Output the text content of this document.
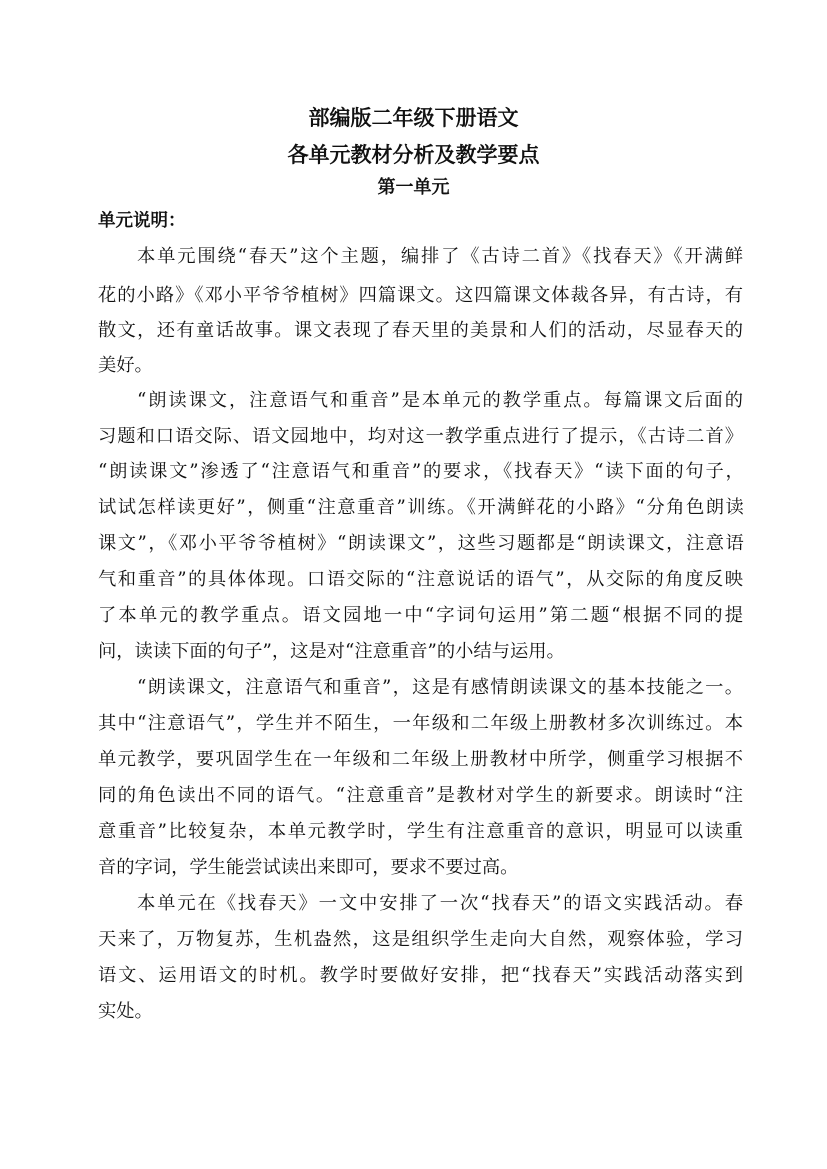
部编版二年级下册语文
各单元教材分析及教学要点
第一单元
单元说明：
本单元围绕“春天”这个主题，编排了《古诗二首》《找春天》《开满鲜
花的小路》《邓小平爷爷植树》四篇课文。这四篇课文体裁各异，有古诗，有
散文，还有童话故事。课文表现了春天里的美景和人们的活动，尽显春天的
美好。
“朗读课文，注意语气和重音”是本单元的教学重点。每篇课文后面的
习题和口语交际、语文园地中，均对这一教学重点进行了提示，《古诗二首》
“朗读课文”渗透了“注意语气和重音”的要求，《找春天》“读下面的句子，
试试怎样读更好”，侧重“注意重音”训练。《开满鲜花的小路》“分角色朗读
课文”，《邓小平爷爷植树》“朗读课文”，这些习题都是“朗读课文，注意语
气和重音”的具体体现。口语交际的“注意说话的语气”，从交际的角度反映
了本单元的教学重点。语文园地一中“字词句运用”第二题“根据不同的提
问，读读下面的句子”，这是对“注意重音”的小结与运用。
“朗读课文，注意语气和重音”，这是有感情朗读课文的基本技能之一。
其中“注意语气”，学生并不陌生，一年级和二年级上册教材多次训练过。本
单元教学，要巩固学生在一年级和二年级上册教材中所学，侧重学习根据不
同的角色读出不同的语气。“注意重音”是教材对学生的新要求。朗读时“注
意重音”比较复杂，本单元教学时，学生有注意重音的意识，明显可以读重
音的字词，学生能尝试读出来即可，要求不要过高。
本单元在《找春天》一文中安排了一次“找春天”的语文实践活动。春
天来了，万物复苏，生机盎然，这是组织学生走向大自然，观察体验，学习
语文、运用语文的时机。教学时要做好安排，把“找春天”实践活动落实到
实处。
